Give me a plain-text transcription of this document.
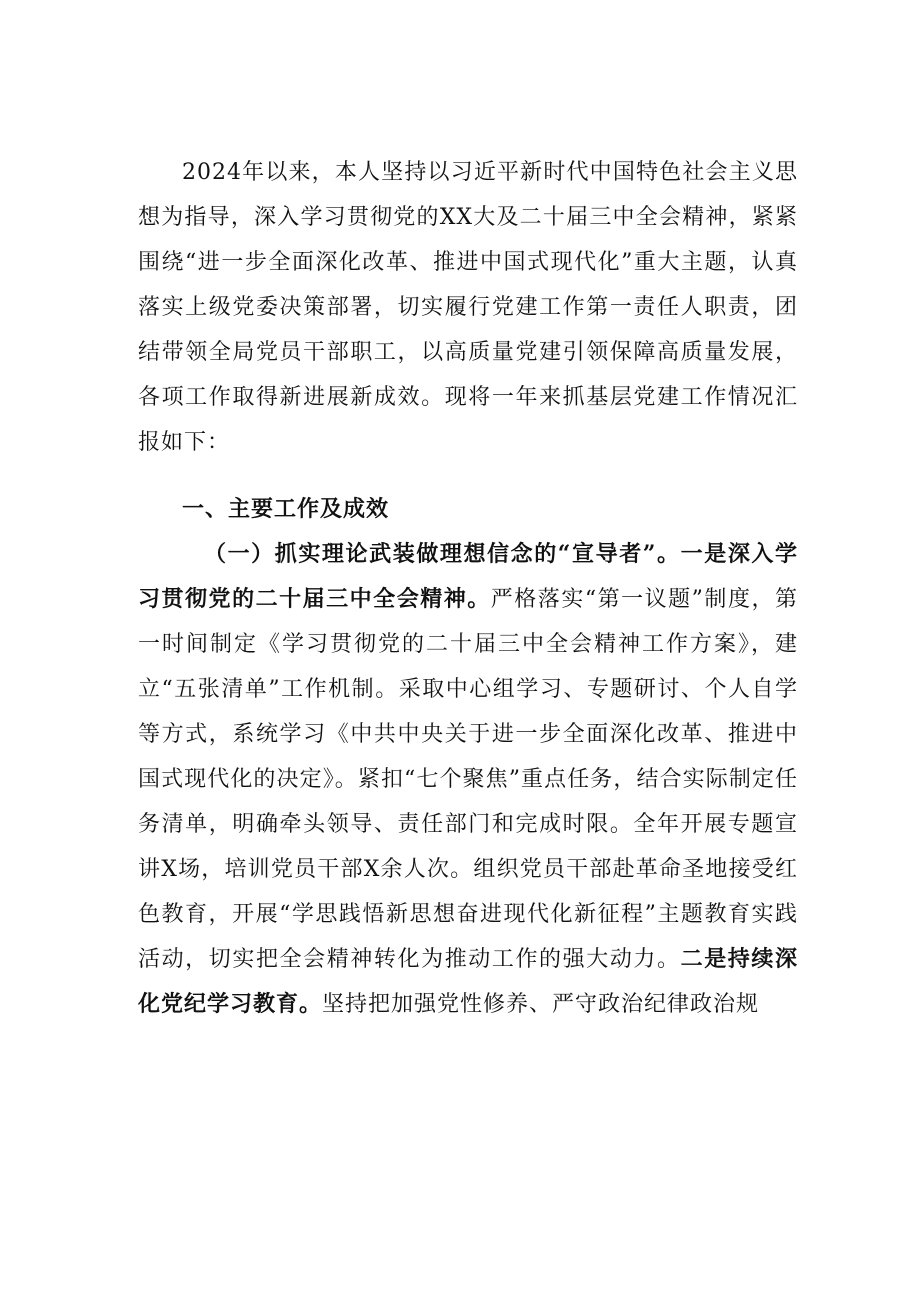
2024年以来，本人坚持以习近平新时代中国特色社会主义思想为指导，深入学习贯彻党的XX大及二十届三中全会精神，紧紧围绕“进一步全面深化改革、推进中国式现代化”重大主题，认真落实上级党委决策部署，切实履行党建工作第一责任人职责，团结带领全局党员干部职工，以高质量党建引领保障高质量发展，各项工作取得新进展新成效。现将一年来抓基层党建工作情况汇报如下：

一、主要工作及成效

（一）抓实理论武装做理想信念的“宣导者”。一是深入学习贯彻党的二十届三中全会精神。严格落实“第一议题”制度，第一时间制定《学习贯彻党的二十届三中全会精神工作方案》，建立“五张清单”工作机制。采取中心组学习、专题研讨、个人自学等方式，系统学习《中共中央关于进一步全面深化改革、推进中国式现代化的决定》。紧扣“七个聚焦”重点任务，结合实际制定任务清单，明确牵头领导、责任部门和完成时限。全年开展专题宣讲X场，培训党员干部X余人次。组织党员干部赴革命圣地接受红色教育，开展“学思践悟新思想奋进现代化新征程”主题教育实践活动，切实把全会精神转化为推动工作的强大动力。二是持续深化党纪学习教育。坚持把加强党性修养、严守政治纪律政治规
